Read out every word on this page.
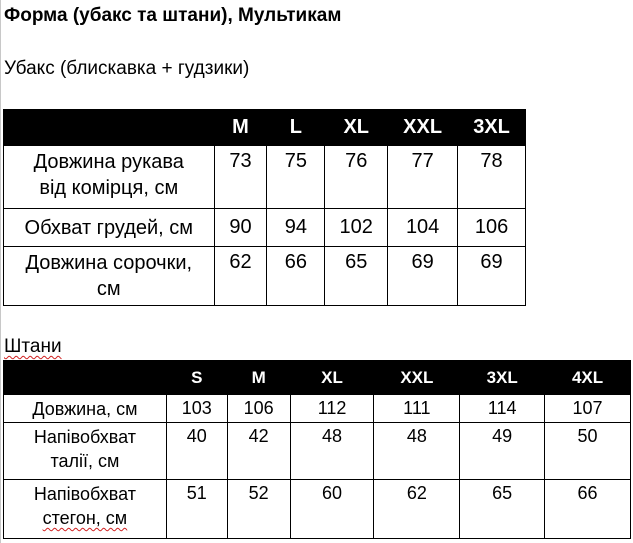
Форма (убакс та штани), Мультикам
Убакс (блискавка + гудзики)
	M	L	XL	XXL	3XL
Довжина рукава
від комірця, см	73	75	76	77	78
Обхват грудей, см	90	94	102	104	106
Довжина сорочки,
см	62	66	65	69	69
Штани
	S	M	XL	XXL	3XL	4XL
Довжина, см	103	106	112	111	114	107
Напівобхват
талії, см	40	42	48	48	49	50
Напівобхват
стегон, см	51	52	60	62	65	66
